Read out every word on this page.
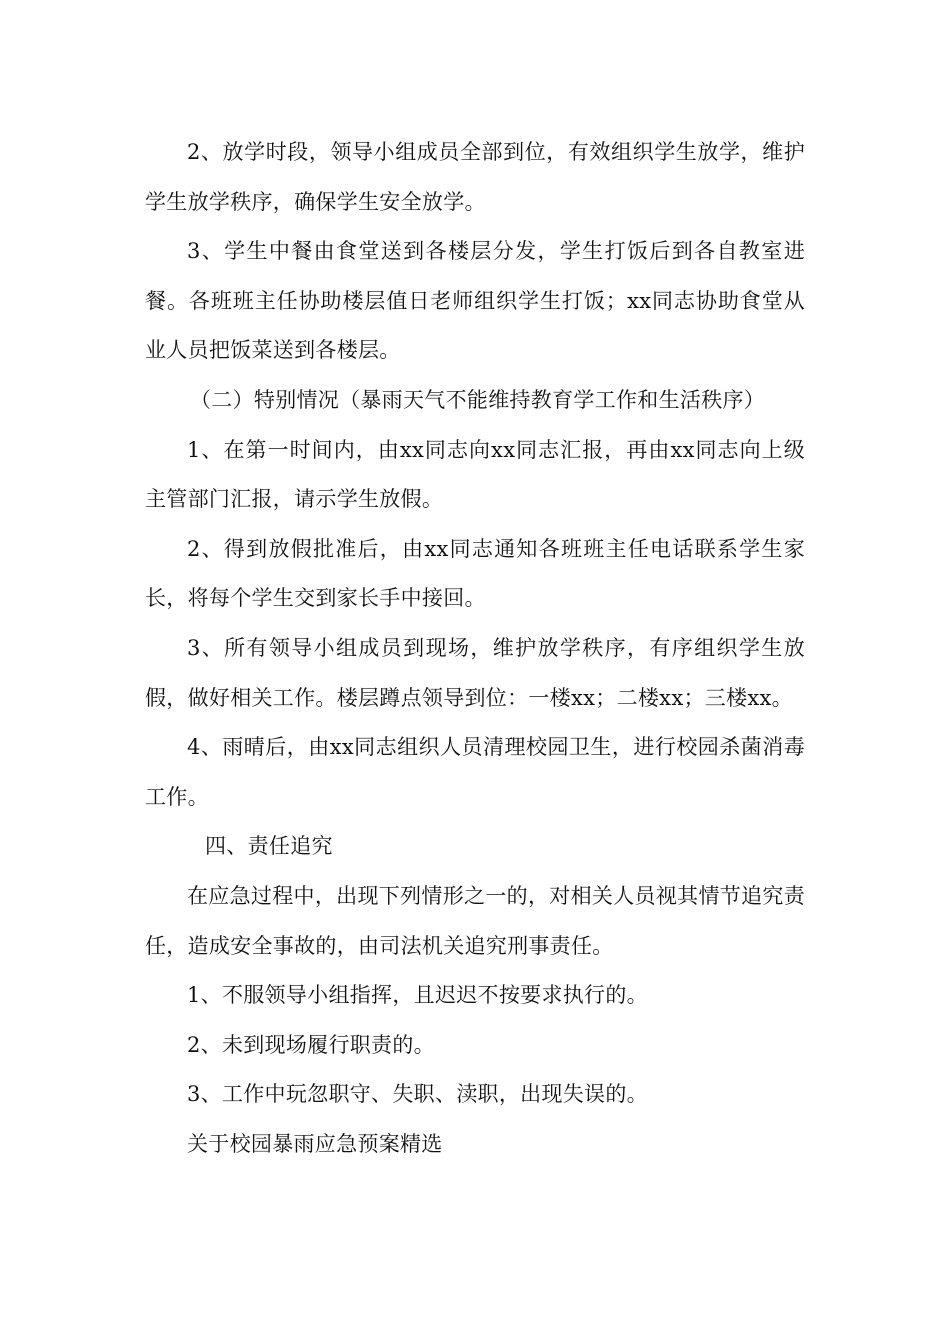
2、放学时段，领导小组成员全部到位，有效组织学生放学，维护学生放学秩序，确保学生安全放学。

3、学生中餐由食堂送到各楼层分发，学生打饭后到各自教室进餐。各班班主任协助楼层值日老师组织学生打饭；xx同志协助食堂从业人员把饭菜送到各楼层。

（二）特别情况（暴雨天气不能维持教育学工作和生活秩序）

1、在第一时间内，由xx同志向xx同志汇报，再由xx同志向上级主管部门汇报，请示学生放假。

2、得到放假批准后，由xx同志通知各班班主任电话联系学生家长，将每个学生交到家长手中接回。

3、所有领导小组成员到现场，维护放学秩序，有序组织学生放假，做好相关工作。楼层蹲点领导到位：一楼xx；二楼xx；三楼xx。

4、雨晴后，由xx同志组织人员清理校园卫生，进行校园杀菌消毒工作。

四、责任追究

在应急过程中，出现下列情形之一的，对相关人员视其情节追究责任，造成安全事故的，由司法机关追究刑事责任。

1、不服领导小组指挥，且迟迟不按要求执行的。

2、未到现场履行职责的。

3、工作中玩忽职守、失职、渎职，出现失误的。

关于校园暴雨应急预案精选
